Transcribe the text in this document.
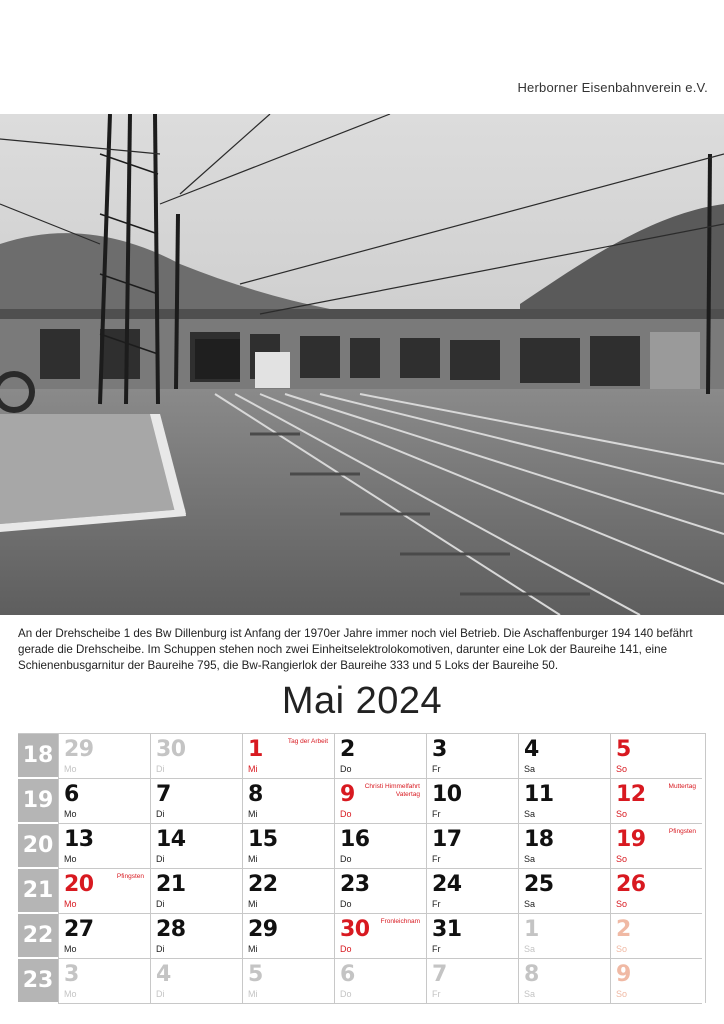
Herborner Eisenbahnverein e.V.
An der Drehscheibe 1 des Bw Dillenburg ist Anfang der 1970er Jahre immer noch viel Betrieb. Die Aschaffenburger 194 140 befährt gerade die Drehscheibe. Im Schuppen stehen noch zwei Einheitselektrolokomotiven, darunter eine Lok der Baureihe 141, eine Schienenbusgarnitur der Baureihe 795, die Bw-Rangierlok der Baureihe 333 und 5 Loks der Baureihe 50.
Mai 2024
18 29
Mo
30
Di
1
Mi
Tag der Arbeit 2
Do
3
Fr
4
Sa
5
So
19 6
Mo
7
Di
8
Mi
9
Do
Christi Himmelfahrt Vatertag 10
Fr
11
Sa
12
So
Muttertag
20 13
Mo
14
Di
15
Mi
16
Do
17
Fr
18
Sa
19
So
Pfingsten
21 20
Mo
Pfingsten 21
Di
22
Mi
23
Do
24
Fr
25
Sa
26
So
22 27
Mo
28
Di
29
Mi
30
Do
Fronleichnam 31
Fr
1
Sa
2
So
23 3
Mo
4
Di
5
Mi
6
Do
7
Fr
8
Sa
9
So
